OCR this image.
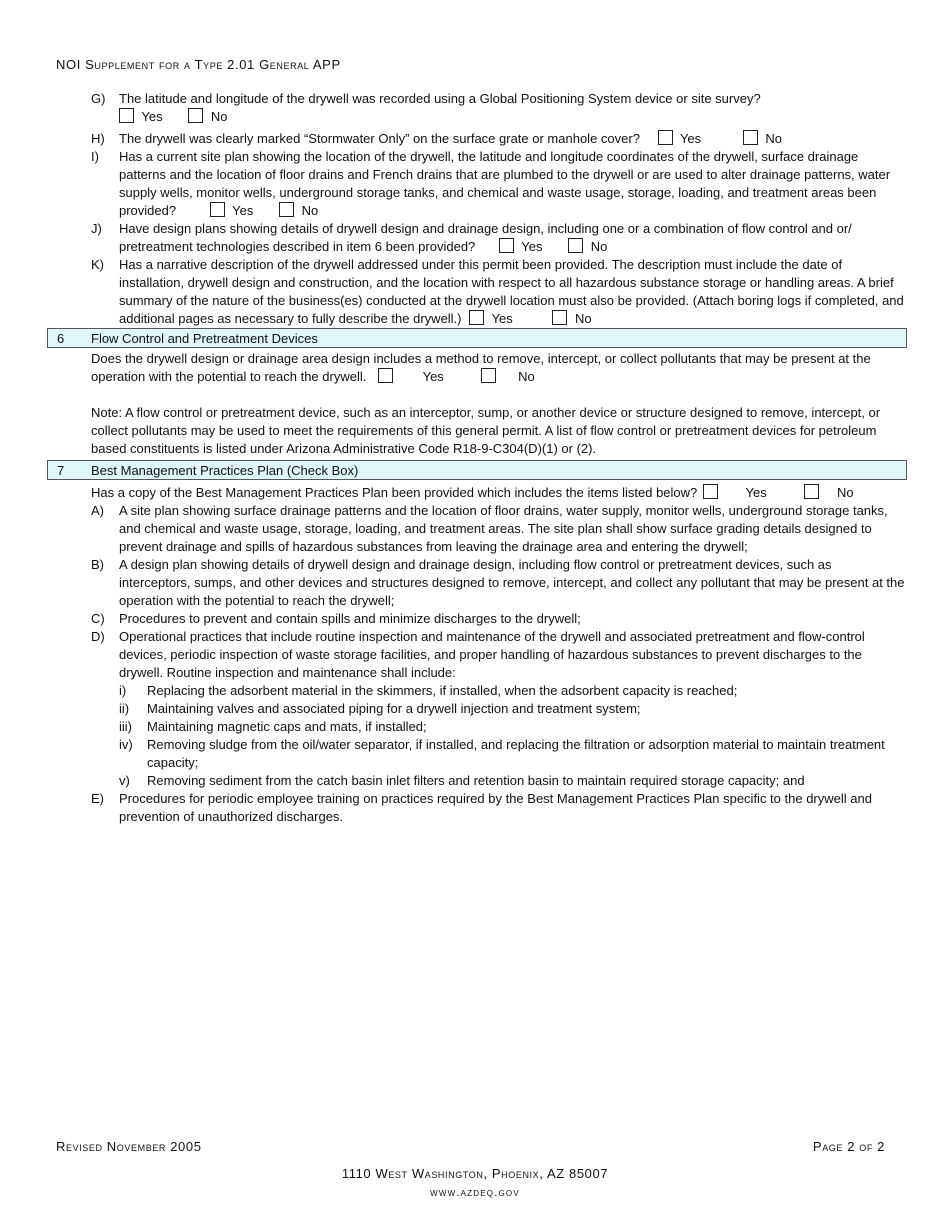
NOI Supplement for a Type 2.01 General APP
G) The latitude and longitude of the drywell was recorded using a Global Positioning System device or site survey?
Yes	No
H) The drywell was clearly marked “Stormwater Only” on the surface grate or manhole cover?	Yes	No
I) Has a current site plan showing the location of the drywell, the latitude and longitude coordinates of the drywell, surface drainage patterns and the location of floor drains and French drains that are plumbed to the drywell or are used to alter drainage patterns, water supply wells, monitor wells, underground storage tanks, and chemical and waste usage, storage, loading, and treatment areas been provided?	Yes	No
J) Have design plans showing details of drywell design and drainage design, including one or a combination of flow control and or/ pretreatment technologies described in item 6 been provided?	Yes	No
K) Has a narrative description of the drywell addressed under this permit been provided. The description must include the date of installation, drywell design and construction, and the location with respect to all hazardous substance storage or handling areas. A brief summary of the nature of the business(es) conducted at the drywell location must also be provided. (Attach boring logs if completed, and additional pages as necessary to fully describe the drywell.) Yes	No
6 Flow Control and Pretreatment Devices
Does the drywell design or drainage area design includes a method to remove, intercept, or collect pollutants that may be present at the operation with the potential to reach the drywell.	Yes	No
Note: A flow control or pretreatment device, such as an interceptor, sump, or another device or structure designed to remove, intercept, or collect pollutants may be used to meet the requirements of this general permit. A list of flow control or pretreatment devices for petroleum based constituents is listed under Arizona Administrative Code R18-9-C304(D)(1) or (2).
7 Best Management Practices Plan (Check Box)
Has a copy of the Best Management Practices Plan been provided which includes the items listed below?	Yes	No
A) A site plan showing surface drainage patterns and the location of floor drains, water supply, monitor wells, underground storage tanks, and chemical and waste usage, storage, loading, and treatment areas. The site plan shall show surface grading details designed to prevent drainage and spills of hazardous substances from leaving the drainage area and entering the drywell;
B) A design plan showing details of drywell design and drainage design, including flow control or pretreatment devices, such as interceptors, sumps, and other devices and structures designed to remove, intercept, and collect any pollutant that may be present at the operation with the potential to reach the drywell;
C) Procedures to prevent and contain spills and minimize discharges to the drywell;
D) Operational practices that include routine inspection and maintenance of the drywell and associated pretreatment and flow-control devices, periodic inspection of waste storage facilities, and proper handling of hazardous substances to prevent discharges to the drywell. Routine inspection and maintenance shall include:
i) Replacing the adsorbent material in the skimmers, if installed, when the adsorbent capacity is reached;
ii) Maintaining valves and associated piping for a drywell injection and treatment system;
iii) Maintaining magnetic caps and mats, if installed;
iv) Removing sludge from the oil/water separator, if installed, and replacing the filtration or adsorption material to maintain treatment capacity;
v) Removing sediment from the catch basin inlet filters and retention basin to maintain required storage capacity; and
E) Procedures for periodic employee training on practices required by the Best Management Practices Plan specific to the drywell and prevention of unauthorized discharges.
Revised November 2005	Page 2 of 2
1110 West Washington, Phoenix, AZ 85007
www.azdeq.gov
